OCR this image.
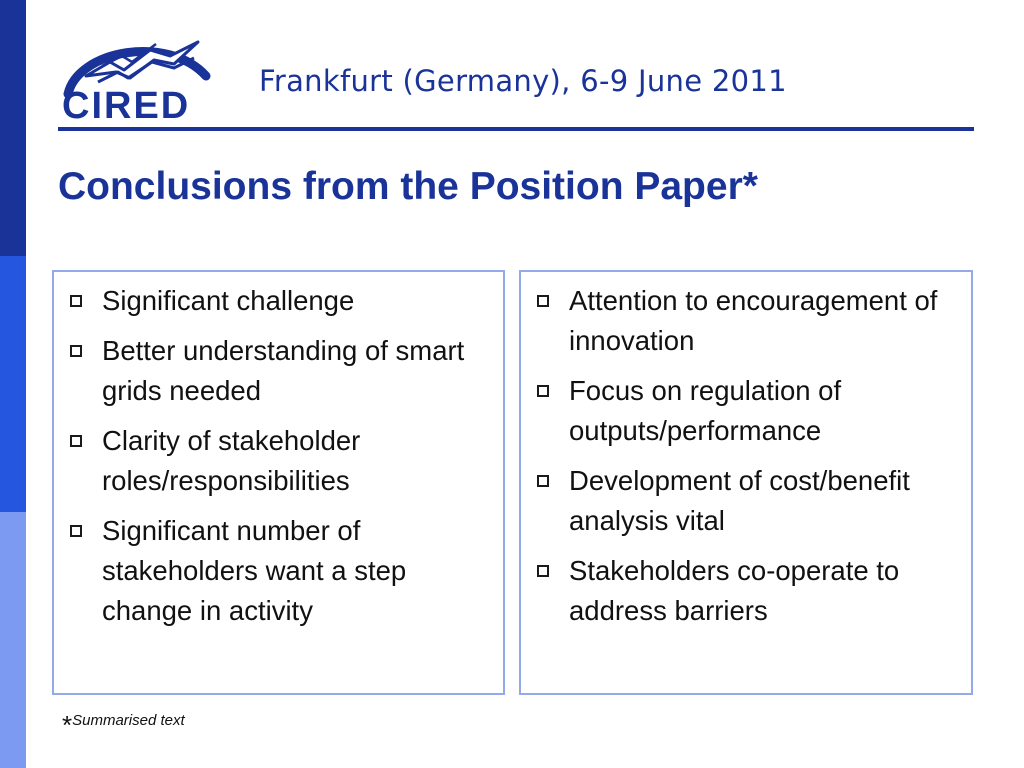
CIRED
Frankfurt (Germany), 6-9 June 2011
Conclusions from the Position Paper*
Significant challenge
Better understanding of smart grids needed
Clarity of stakeholder roles/responsibilities
Significant number of stakeholders want a step change in activity
Attention to encouragement of innovation
Focus on regulation of outputs/performance
Development of cost/benefit analysis vital
Stakeholders co-operate to address barriers
*Summarised text
